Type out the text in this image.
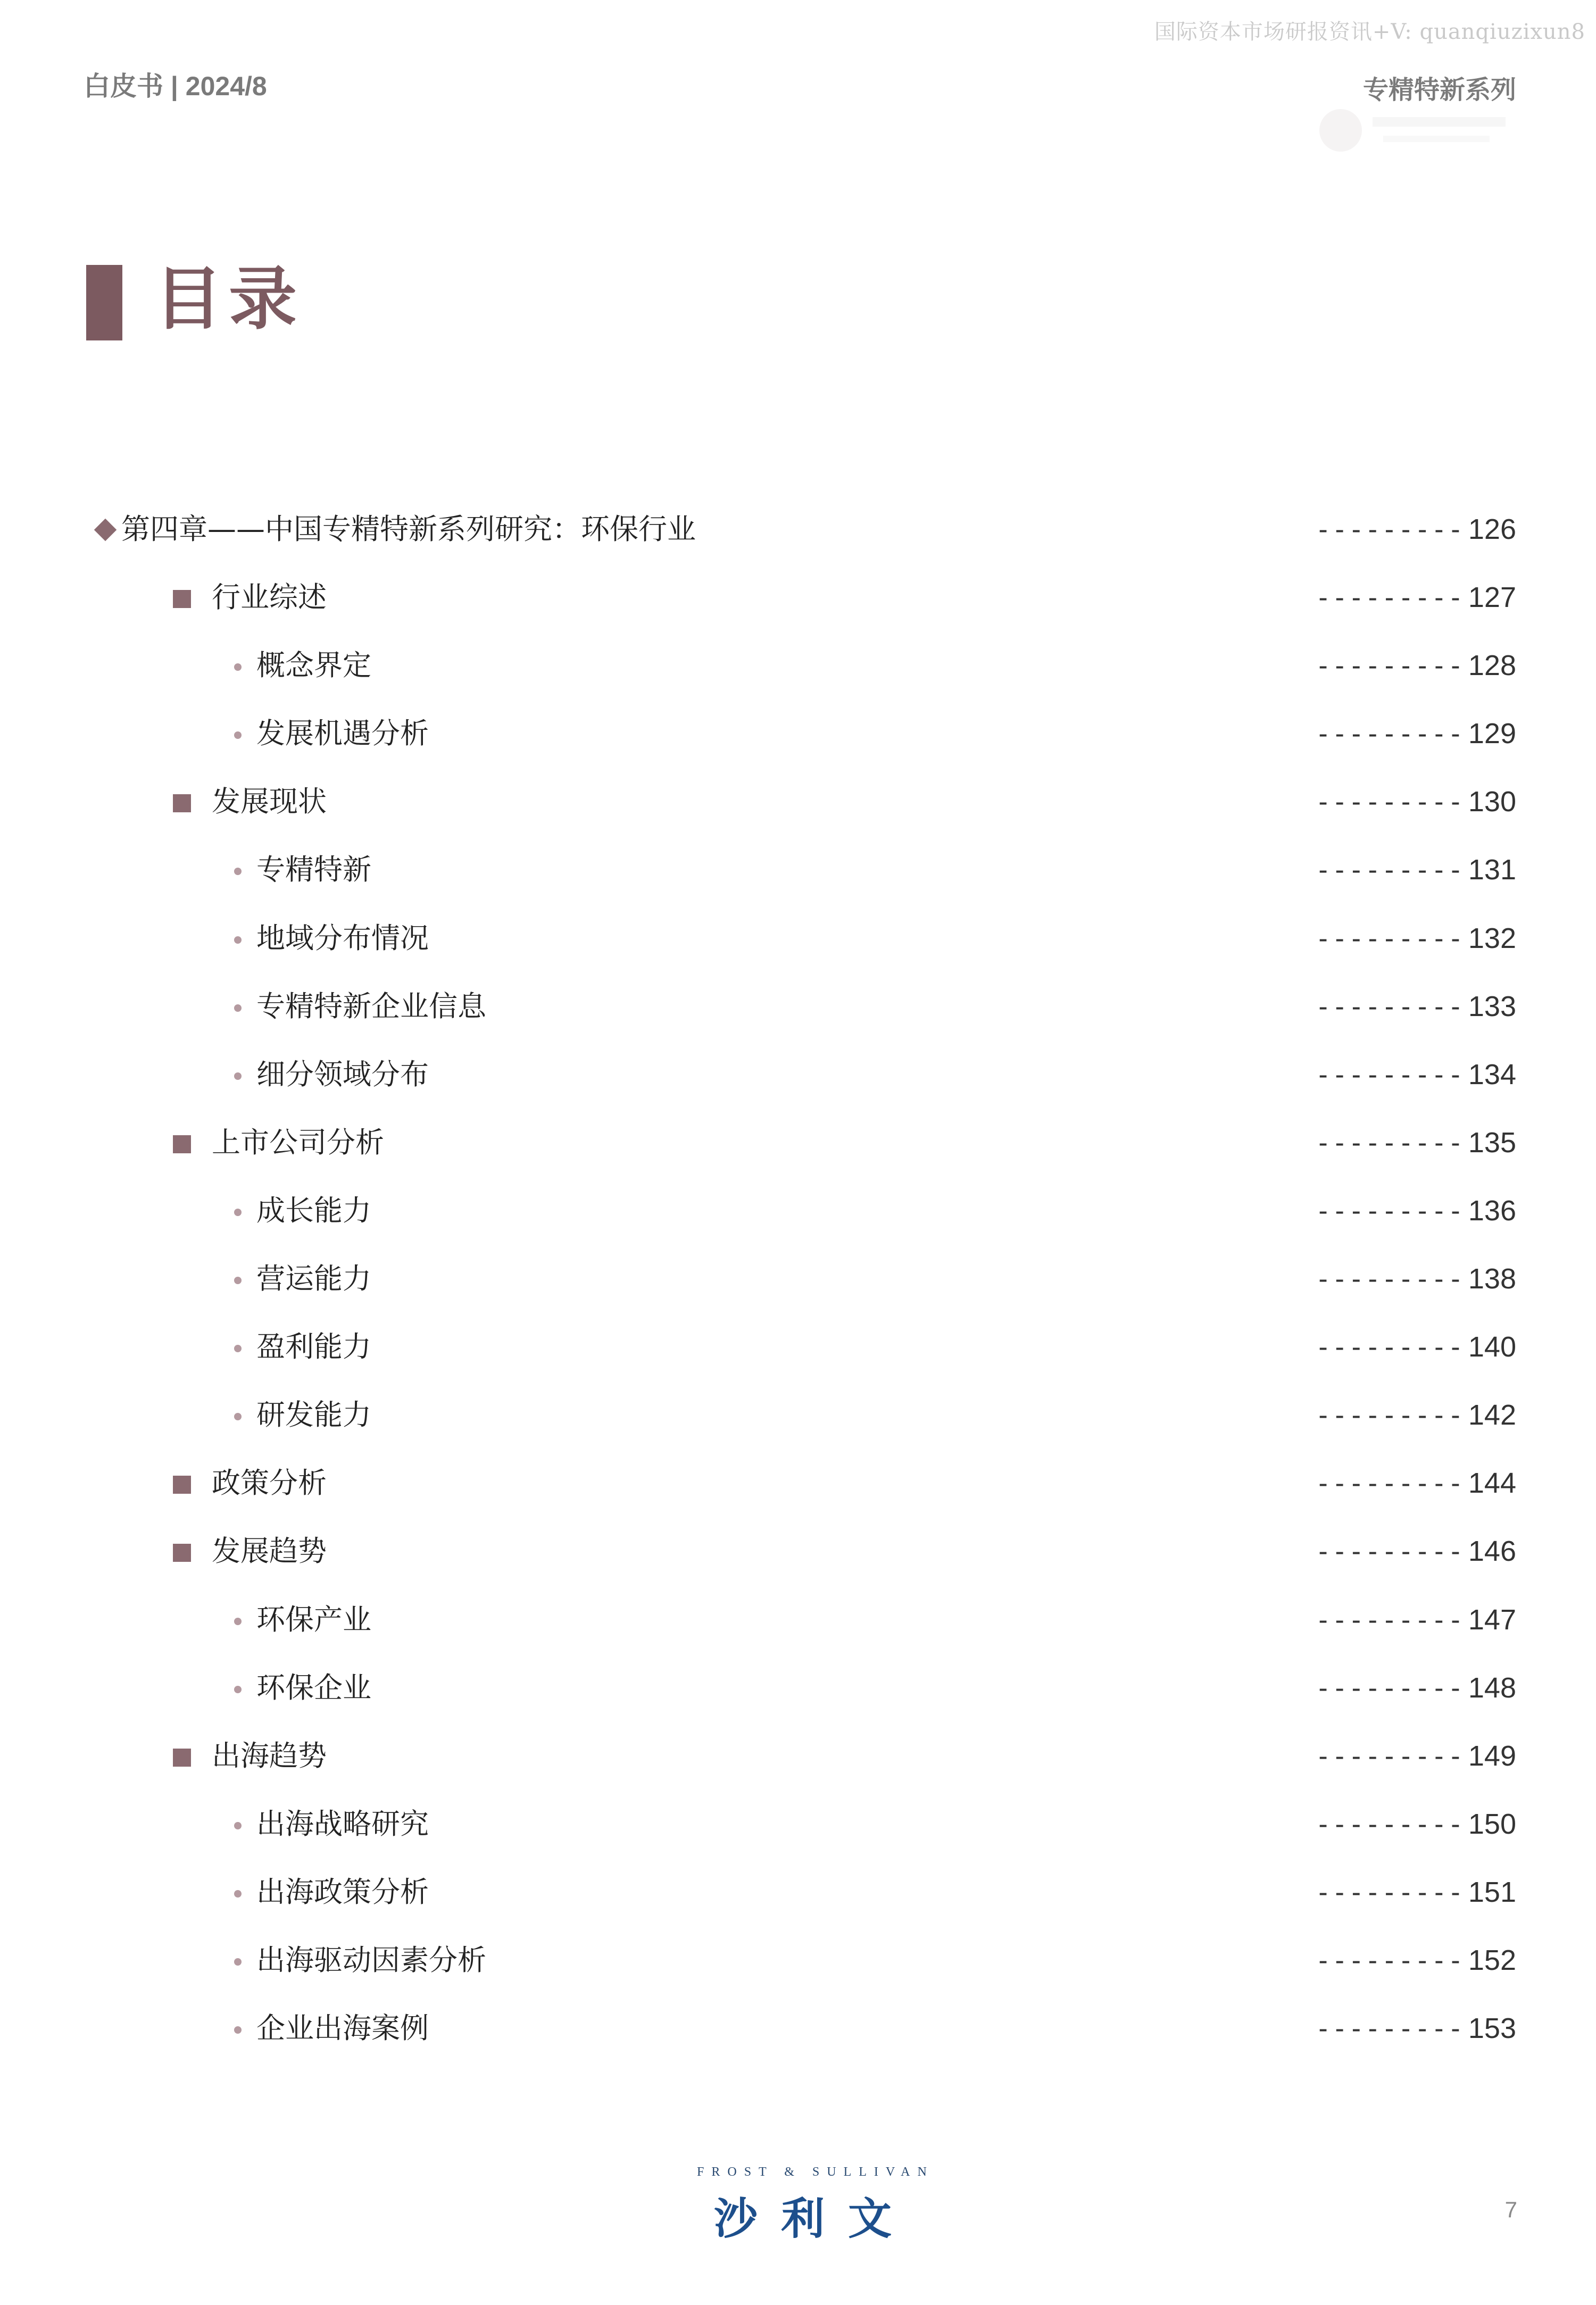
国际资本市场研报资讯+V: quanqiuzixun8
白皮书 | 2024/8	专精特新系列
目录
第四章——中国专精特新系列研究：环保行业	--------- 126
行业综述	--------- 127
概念界定	--------- 128
发展机遇分析	--------- 129
发展现状	--------- 130
专精特新	--------- 131
地域分布情况	--------- 132
专精特新企业信息	--------- 133
细分领域分布	--------- 134
上市公司分析	--------- 135
成长能力	--------- 136
营运能力	--------- 138
盈利能力	--------- 140
研发能力	--------- 142
政策分析	--------- 144
发展趋势	--------- 146
环保产业	--------- 147
环保企业	--------- 148
出海趋势	--------- 149
出海战略研究	--------- 150
出海政策分析	--------- 151
出海驱动因素分析	--------- 152
企业出海案例	--------- 153
FROST & SULLIVAN
沙利文	7
